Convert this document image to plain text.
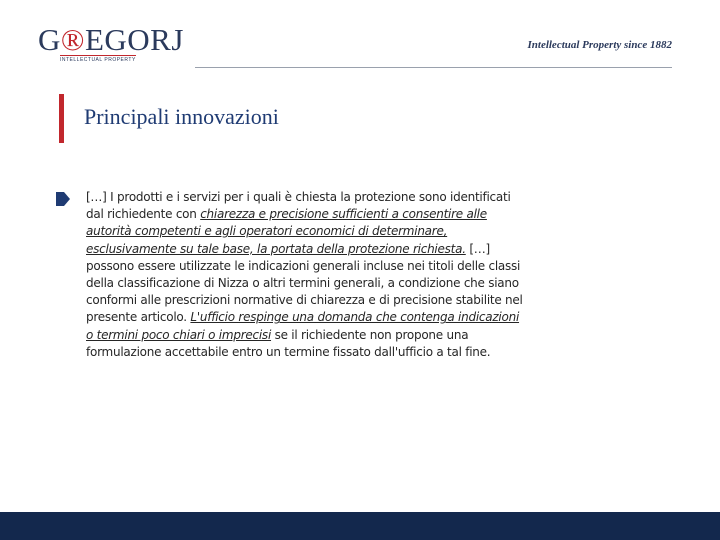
G®EGORJ
INTELLECTUAL PROPERTY
Intellectual Property since 1882
Principali innovazioni
[…] I prodotti e i servizi per i quali è chiesta la protezione sono identificati dal richiedente con chiarezza e precisione sufficienti a consentire alle autorità competenti e agli operatori economici di determinare, esclusivamente su tale base, la portata della protezione richiesta. […] possono essere utilizzate le indicazioni generali incluse nei titoli delle classi della classificazione di Nizza o altri termini generali, a condizione che siano conformi alle prescrizioni normative di chiarezza e di precisione stabilite nel presente articolo. L'ufficio respinge una domanda che contenga indicazioni o termini poco chiari o imprecisi se il richiedente non propone una formulazione accettabile entro un termine fissato dall'ufficio a tal fine.
